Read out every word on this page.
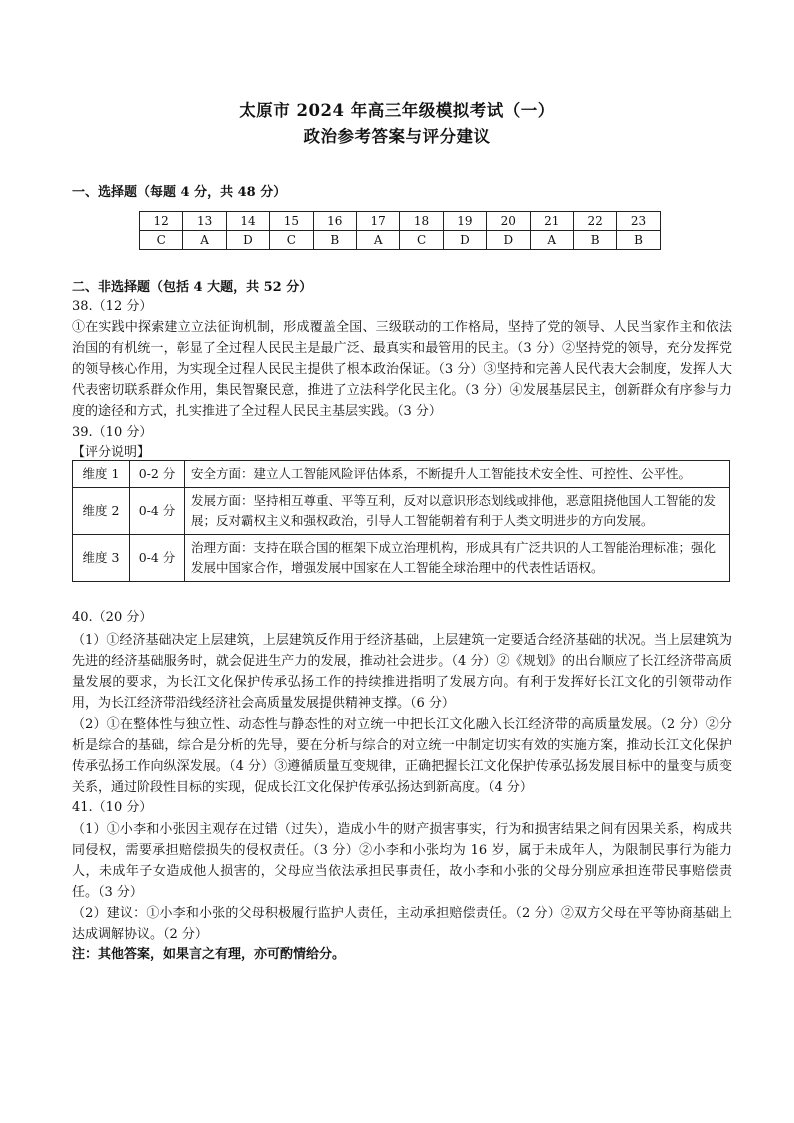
太原市 2024 年高三年级模拟考试（一）
政治参考答案与评分建议
一、选择题（每题 4 分，共 48 分）
12	13	14	15	16	17	18	19	20	21	22	23
C	A	D	C	B	A	C	D	D	A	B	B
二、非选择题（包括 4 大题，共 52 分）
38.（12 分）
①在实践中探索建立立法征询机制，形成覆盖全国、三级联动的工作格局，坚持了党的领导、人民当家作主和依法治国的有机统一，彰显了全过程人民民主是最广泛、最真实和最管用的民主。（3 分）②坚持党的领导，充分发挥党的领导核心作用，为实现全过程人民民主提供了根本政治保证。（3 分）③坚持和完善人民代表大会制度，发挥人大代表密切联系群众作用，集民智聚民意，推进了立法科学化民主化。（3 分）④发展基层民主，创新群众有序参与力度的途径和方式，扎实推进了全过程人民民主基层实践。（3 分）
39.（10 分）
【评分说明】
维度 1	0-2 分	安全方面：建立人工智能风险评估体系，不断提升人工智能技术安全性、可控性、公平性。
维度 2	0-4 分	发展方面：坚持相互尊重、平等互利，反对以意识形态划线或排他，恶意阻挠他国人工智能的发展；反对霸权主义和强权政治，引导人工智能朝着有利于人类文明进步的方向发展。
维度 3	0-4 分	治理方面：支持在联合国的框架下成立治理机构，形成具有广泛共识的人工智能治理标准；强化发展中国家合作，增强发展中国家在人工智能全球治理中的代表性话语权。
40.（20 分）

（1）①经济基础决定上层建筑，上层建筑反作用于经济基础，上层建筑一定要适合经济基础的状况。当上层建筑为先进的经济基础服务时，就会促进生产力的发展，推动社会进步。（4 分）②《规划》的出台顺应了长江经济带高质量发展的要求，为长江文化保护传承弘扬工作的持续推进指明了发展方向。有利于发挥好长江文化的引领带动作用，为长江经济带沿线经济社会高质量发展提供精神支撑。（6 分）

（2）①在整体性与独立性、动态性与静态性的对立统一中把长江文化融入长江经济带的高质量发展。（2 分）②分析是综合的基础，综合是分析的先导，要在分析与综合的对立统一中制定切实有效的实施方案，推动长江文化保护传承弘扬工作向纵深发展。（4 分）③遵循质量互变规律，正确把握长江文化保护传承弘扬发展目标中的量变与质变关系，通过阶段性目标的实现，促成长江文化保护传承弘扬达到新高度。（4 分）

41.（10 分）

（1）①小李和小张因主观存在过错（过失），造成小牛的财产损害事实，行为和损害结果之间有因果关系，构成共同侵权，需要承担赔偿损失的侵权责任。（3 分）②小李和小张均为 16 岁，属于未成年人，为限制民事行为能力人，未成年子女造成他人损害的，父母应当依法承担民事责任，故小李和小张的父母分别应承担连带民事赔偿责任。（3 分）

（2）建议：①小李和小张的父母积极履行监护人责任，主动承担赔偿责任。（2 分）②双方父母在平等协商基础上达成调解协议。（2 分）

注：其他答案，如果言之有理，亦可酌情给分。
